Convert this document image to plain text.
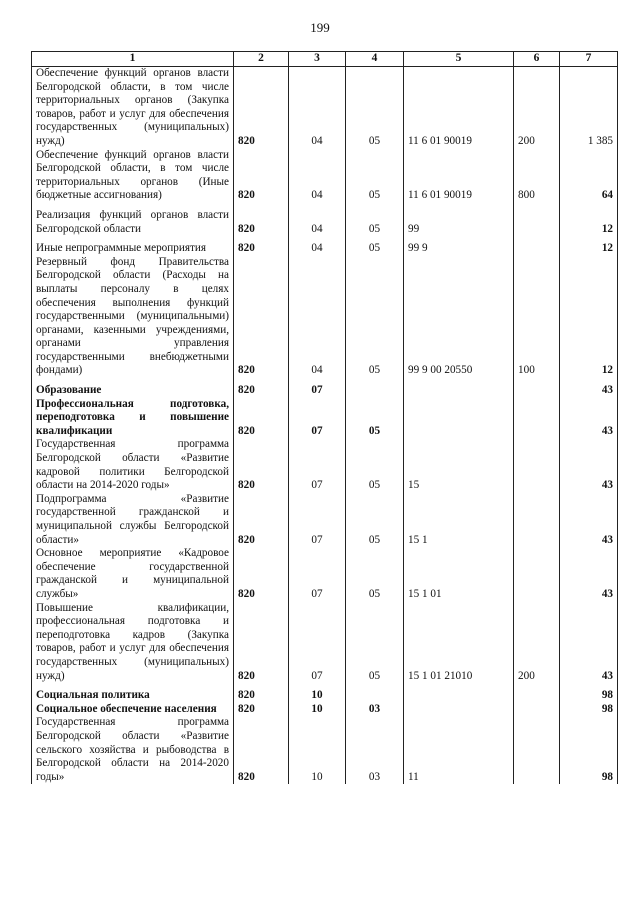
199
1	2	3	4	5	6	7
Обеспечение функций органов власти Белгородской области, в том числе территориальных органов (Закупка товаров, работ и услуг для обеспечения государственных (муниципальных) нужд)	820	04	05	11 6 01 90019	200	1 385
Обеспечение функций органов власти Белгородской области, в том числе территориальных органов (Иные бюджетные ассигнования)	820	04	05	11 6 01 90019	800	64

Реализация функций органов власти Белгородской области	820	04	05	99		12

Иные непрограммные мероприятия	820	04	05	99 9		12
Резервный фонд Правительства Белгородской области (Расходы на выплаты персоналу в целях обеспечения выполнения функций государственными (муниципальными) органами, казенными учреждениями, органами управления государственными внебюджетными фондами)	820	04	05	99 9 00 20550	100	12

Образование	820	07				43
Профессиональная подготовка, переподготовка и повышение квалификации	820	07	05			43
Государственная программа Белгородской области «Развитие кадровой политики Белгородской области на 2014-2020 годы»	820	07	05	15		43
Подпрограмма «Развитие государственной гражданской и муниципальной службы Белгородской области»	820	07	05	15 1		43
Основное мероприятие «Кадровое обеспечение государственной гражданской и муниципальной службы»	820	07	05	15 1 01		43
Повышение квалификации, профессиональная подготовка и переподготовка кадров (Закупка товаров, работ и услуг для обеспечения государственных (муниципальных) нужд)	820	07	05	15 1 01 21010	200	43

Социальная политика	820	10				98
Социальное обеспечение населения	820	10	03			98
Государственная программа Белгородской области «Развитие сельского хозяйства и рыбоводства в Белгородской области на 2014-2020 годы»	820	10	03	11		98
